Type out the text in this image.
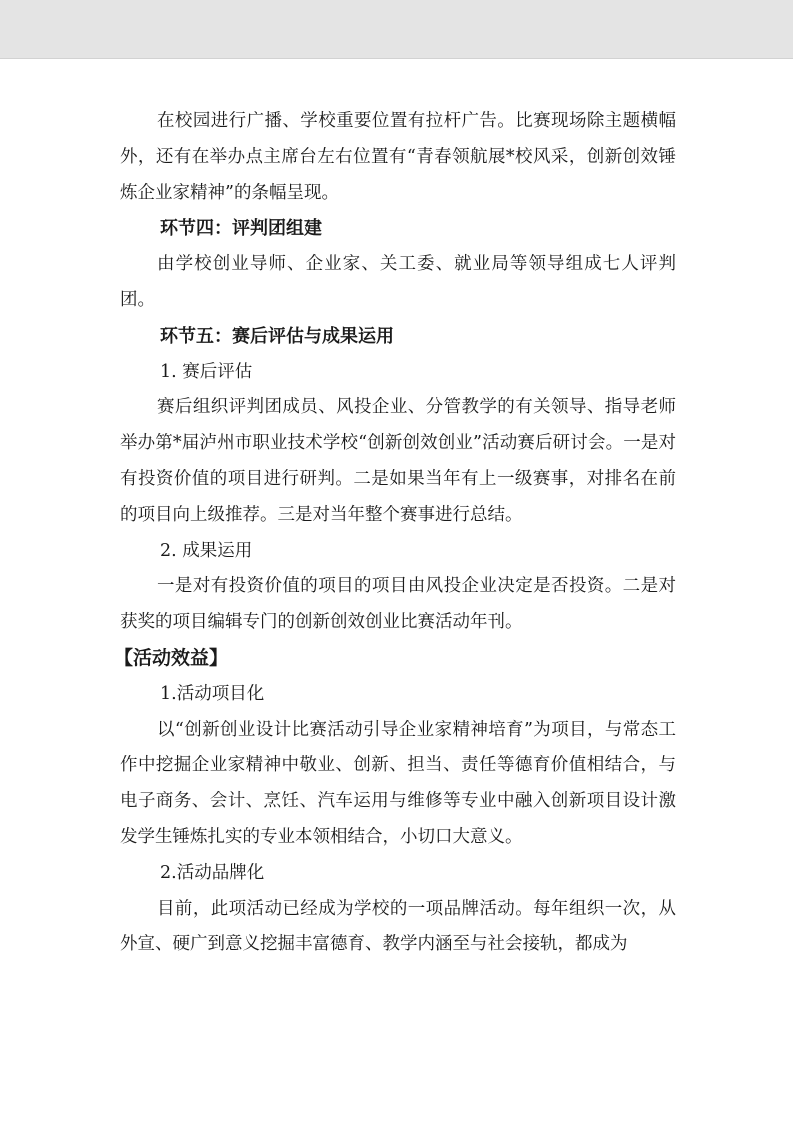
在校园进行广播、学校重要位置有拉杆广告。比赛现场除主题横幅外，还有在举办点主席台左右位置有“青春领航展*校风采，创新创效锤炼企业家精神”的条幅呈现。

环节四：评判团组建

由学校创业导师、企业家、关工委、就业局等领导组成七人评判团。

环节五：赛后评估与成果运用

1. 赛后评估

赛后组织评判团成员、风投企业、分管教学的有关领导、指导老师举办第*届泸州市职业技术学校“创新创效创业”活动赛后研讨会。一是对有投资价值的项目进行研判。二是如果当年有上一级赛事，对排名在前的项目向上级推荐。三是对当年整个赛事进行总结。

2. 成果运用

一是对有投资价值的项目的项目由风投企业决定是否投资。二是对获奖的项目编辑专门的创新创效创业比赛活动年刊。

【活动效益】

1.活动项目化

以“创新创业设计比赛活动引导企业家精神培育”为项目，与常态工作中挖掘企业家精神中敬业、创新、担当、责任等德育价值相结合，与电子商务、会计、烹饪、汽车运用与维修等专业中融入创新项目设计激发学生锤炼扎实的专业本领相结合，小切口大意义。

2.活动品牌化

目前，此项活动已经成为学校的一项品牌活动。每年组织一次，从外宣、硬广到意义挖掘丰富德育、教学内涵至与社会接轨，都成为
